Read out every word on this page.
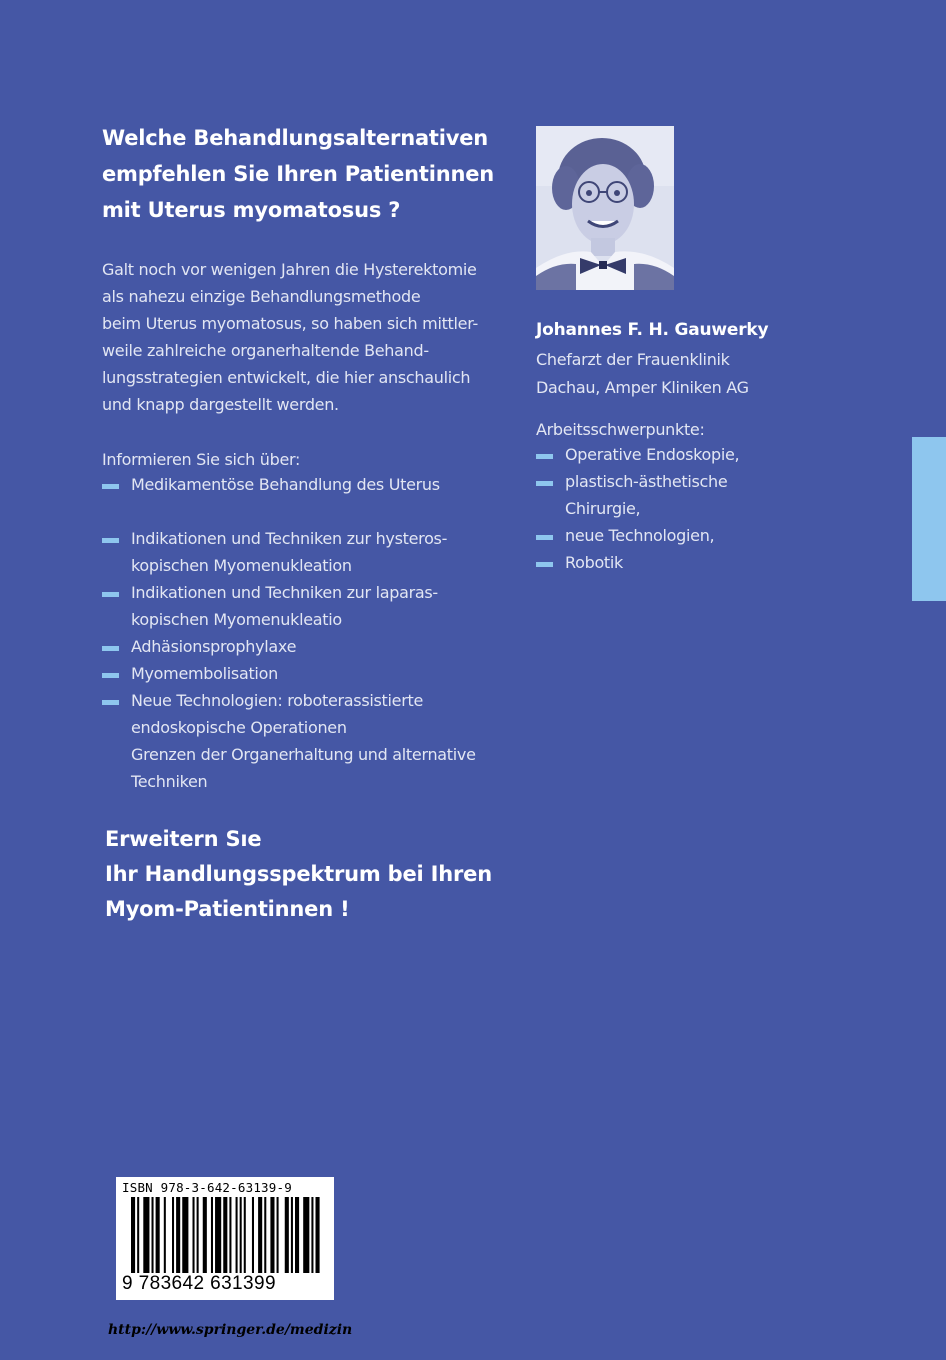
Welche Behandlungsalternativen
empfehlen Sie Ihren Patientinnen
mit Uterus myomatosus ?
Galt noch vor wenigen Jahren die Hysterektomie
als nahezu einzige Behandlungsmethode
beim Uterus myomatosus, so haben sich mittler-
weile zahlreiche organerhaltende Behand-
lungsstrategien entwickelt, die hier anschaulich
und knapp dargestellt werden.
Informieren Sie sich über:
Medikamentöse Behandlung des Uterus
Indikationen und Techniken zur hysteros-
kopischen Myomenukleation
Indikationen und Techniken zur laparas-
kopischen Myomenukleatio
Adhäsionsprophylaxe
Myomembolisation
Neue Technologien: roboterassistierte
endoskopische Operationen
Grenzen der Organerhaltung und alternative
Techniken
Erweitern Sıe
Ihr Handlungsspektrum bei Ihren
Myom-Patientinnen !
Johannes F. H. Gauwerky
Chefarzt der Frauenklinik
Dachau, Amper Kliniken AG
Arbeitsschwerpunkte:
Operative Endoskopie,
plastisch-ästhetische
Chirurgie,
neue Technologien,
Robotik
ISBN 978-3-642-63139-9
9 783642 631399
http://www.springer.de/medizin
